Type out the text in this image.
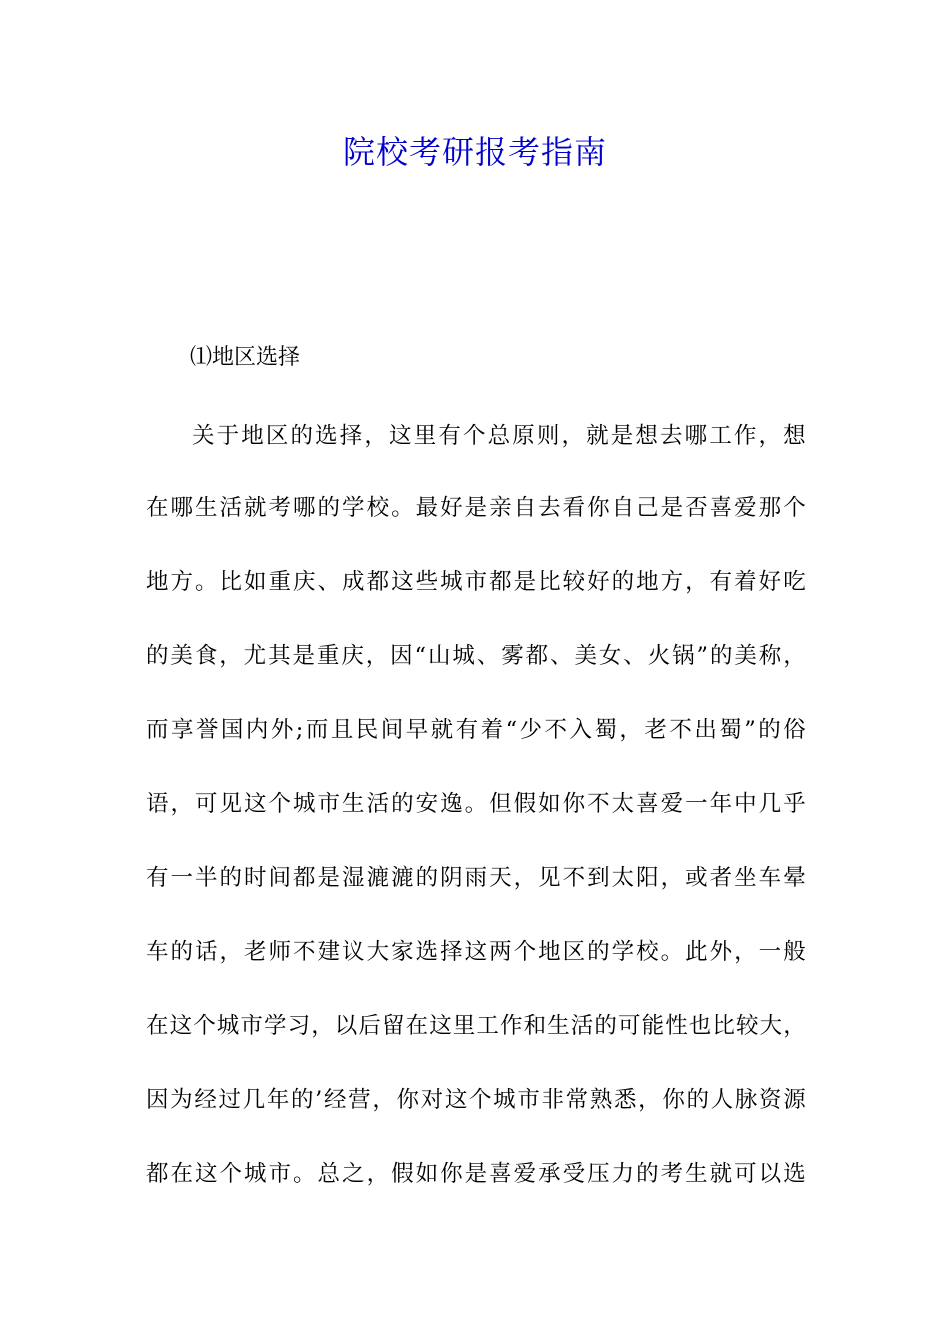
院校考研报考指南

⑴地区选择

关于地区的选择，这里有个总原则，就是想去哪工作，想

在哪生活就考哪的学校。最好是亲自去看你自己是否喜爱那个

地方。比如重庆、成都这些城市都是比较好的地方，有着好吃

的美食，尤其是重庆，因“山城、雾都、美女、火锅”的美称，

而享誉国内外;而且民间早就有着“少不入蜀，老不出蜀”的俗

语，可见这个城市生活的安逸。但假如你不太喜爱一年中几乎

有一半的时间都是湿漉漉的阴雨天，见不到太阳，或者坐车晕

车的话，老师不建议大家选择这两个地区的学校。此外，一般

在这个城市学习，以后留在这里工作和生活的可能性也比较大，

因为经过几年的’经营，你对这个城市非常熟悉，你的人脉资源

都在这个城市。总之，假如你是喜爱承受压力的考生就可以选
